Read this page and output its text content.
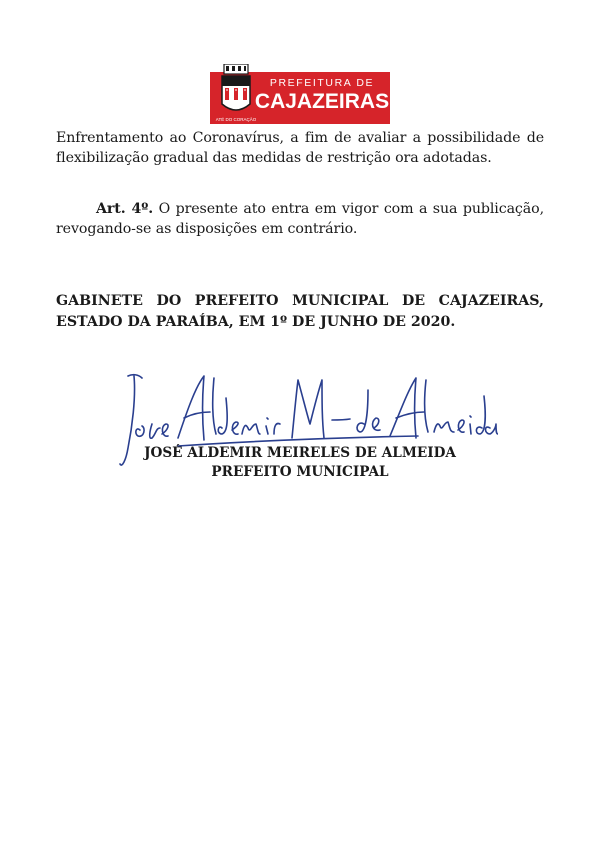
PREFEITURA DE
CAJAZEIRAS
ATÉ DO CORAÇÃO

Enfrentamento ao Coronavírus, a fim de avaliar a possibilidade de flexibilização gradual das medidas de restrição ora adotadas.

Art. 4º. O presente ato entra em vigor com a sua publicação, revogando-se as disposições em contrário.

GABINETE DO PREFEITO MUNICIPAL DE CAJAZEIRAS, ESTADO DA PARAÍBA, EM 1º DE JUNHO DE 2020.

JOSÉ ALDEMIR MEIRELES DE ALMEIDA

PREFEITO MUNICIPAL
